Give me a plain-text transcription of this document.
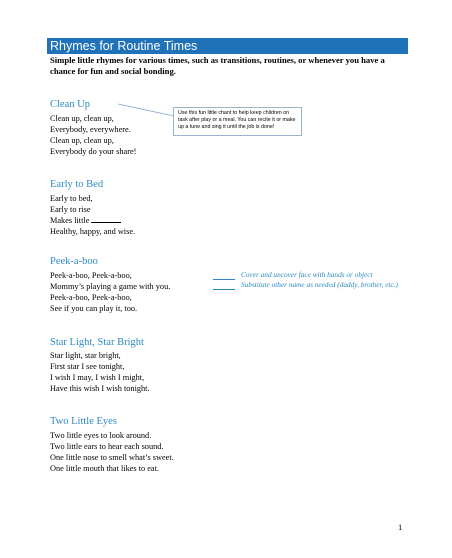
Rhymes for Routine Times
Simple little rhymes for various times, such as transitions, routines, or whenever you have a chance for fun and social bonding.
Clean Up
Clean up, clean up,
Everybody, everywhere.
Clean up, clean up,
Everybody do your share!
Use this fun little chant to help keep children on task after play or a meal. You can recite it or make up a tune and sing it until the job is done!
Early to Bed
Early to bed,
Early to rise
Makes little
Healthy, happy, and wise.
Peek-a-boo
Peek-a-boo, Peek-a-boo,
Mommy’s playing a game with you.
Peek-a-boo, Peek-a-boo,
See if you can play it, too.
Cover and uncover face with hands or object
Substitute other name as needed (daddy, brother, etc.)
Star Light, Star Bright
Star light, star bright,
First star I see tonight,
I wish I may, I wish I might,
Have this wish I wish tonight.
Two Little Eyes
Two little eyes to look around.
Two little ears to hear each sound.
One little nose to smell what’s sweet.
One little mouth that likes to eat.
1
